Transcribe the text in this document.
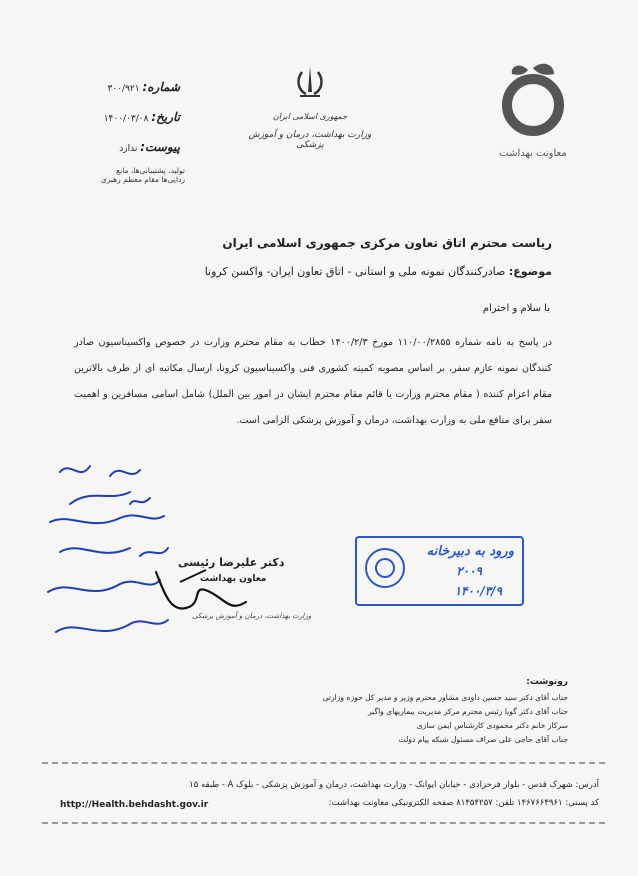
معاونت بهداشت
جمهوری اسلامی ایران
وزارت بهداشت، درمان و آموزش پزشکی
شماره: ۳۰۰/۹۲۱
تاریخ: ۱۴۰۰/۰۳/۰۸
پیوست: ندارد
تولید، پشتیبانی‌ها، مانع زدایی‌ها مقام معظم رهبری
ریاست محترم اتاق تعاون مرکزی جمهوری اسلامی ایران
موضوع: صادرکنندگان نمونه ملی و استانی - اتاق تعاون ایران- واکسن کرونا
با سلام و احترام
در پاسخ به نامه شماره ۱۱۰/۰۰/۲۸۵۵ مورخ ۱۴۰۰/۲/۳ خطاب به مقام محترم وزارت در خصوص واکسیناسیون صادر کنندگان نمونه عازم سفر، بر اساس مصوبه کمیته کشوری فنی واکسیناسیون کرونا، ارسال مکاتبه ای از طرف بالاترین مقام اعزام کننده ( مقام محترم وزارت یا قائم مقام محترم ایشان در امور بین الملل) شامل اسامی مسافرین و اهمیت سفر برای منافع ملی به وزارت بهداشت، درمان و آموزش پزشکی الزامی است.
دکتر علیرضا رئیسی
معاون بهداشت
وزارت بهداشت، درمان و آموزش پزشکی
ورود به دبیرخانه
۲۰۰۹
۱۴۰۰/۳/۹
رونوشت:
جناب آقای دکتر سید حسین داودی مشاور محترم وزیر و مدیر کل حوزه وزارتی
جناب آقای دکتر گویا رئیس محترم مرکز مدیریت بیماریهای واگیر
سرکار خانم دکتر محمودی کارشناس ایمن سازی
جناب آقای حاجی علی صراف مسئول شبکه پیام دولت
آدرس: شهرک قدس - بلوار فرحزادی - خیابان ایوانک - وزارت بهداشت، درمان و آموزش پزشکی - بلوک A - طبقه ۱۵
کد پستی: ۱۴۶۷۶۶۴۹۶۱ تلفن: ۸۱۴۵۴۲۵۷ صفحه الکترونیکی معاونت بهداشت:
http://Health.behdasht.gov.ir
